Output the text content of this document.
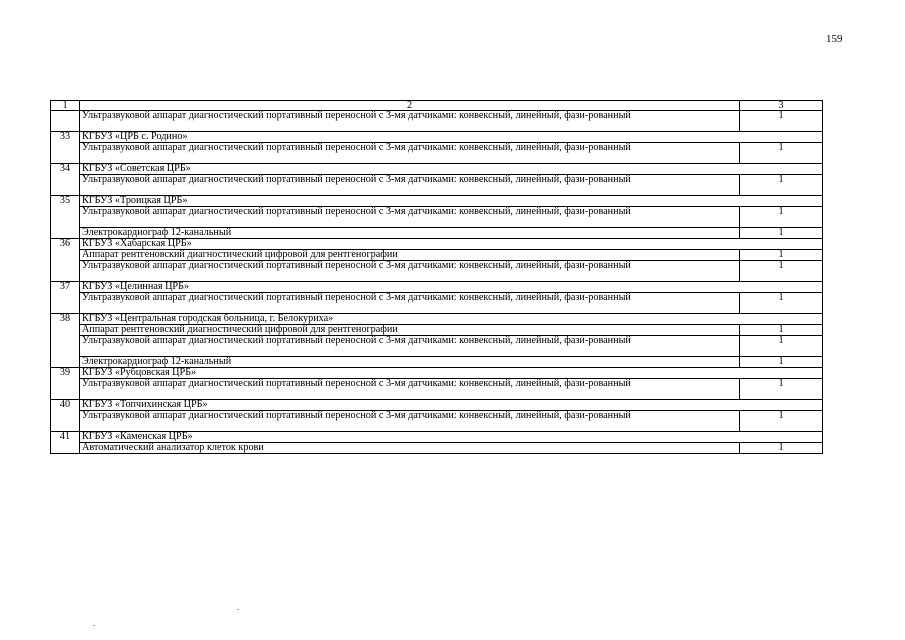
159
1	2	3
	Ультразвуковой аппарат диагностический портативный переносной с 3-мя датчиками: конвексный, линейный, фази-рованный	1
33	КГБУЗ «ЦРБ с. Родино»	
	Ультразвуковой аппарат диагностический портативный переносной с 3-мя датчиками: конвексный, линейный, фази-рованный	1
34	КГБУЗ «Советская ЦРБ»	
	Ультразвуковой аппарат диагностический портативный переносной с 3-мя датчиками: конвексный, линейный, фази-рованный	1
35	КГБУЗ «Троицкая ЦРБ»	
	Ультразвуковой аппарат диагностический портативный переносной с 3-мя датчиками: конвексный, линейный, фази-рованный	1
	Электрокардиограф 12-канальный	1
36	КГБУЗ «Хабарская ЦРБ»	
	Аппарат рентгеновский диагностический цифровой для рентгенографии	1
	Ультразвуковой аппарат диагностический портативный переносной с 3-мя датчиками: конвексный, линейный, фази-рованный	1
37	КГБУЗ «Целинная ЦРБ»	
	Ультразвуковой аппарат диагностический портативный переносной с 3-мя датчиками: конвексный, линейный, фази-рованный	1
38	КГБУЗ «Центральная городская больница, г. Белокуриха»	
	Аппарат рентгеновский диагностический цифровой для рентгенографии	1
	Ультразвуковой аппарат диагностический портативный переносной с 3-мя датчиками: конвексный, линейный, фази-рованный	1
	Электрокардиограф 12-канальный	1
39	КГБУЗ «Рубцовская ЦРБ»	
	Ультразвуковой аппарат диагностический портативный переносной с 3-мя датчиками: конвексный, линейный, фази-рованный	1
40	КГБУЗ «Топчихинская ЦРБ»	
	Ультразвуковой аппарат диагностический портативный переносной с 3-мя датчиками: конвексный, линейный, фази-рованный	1
41	КГБУЗ «Каменская ЦРБ»	
	Автоматический анализатор клеток крови	1
